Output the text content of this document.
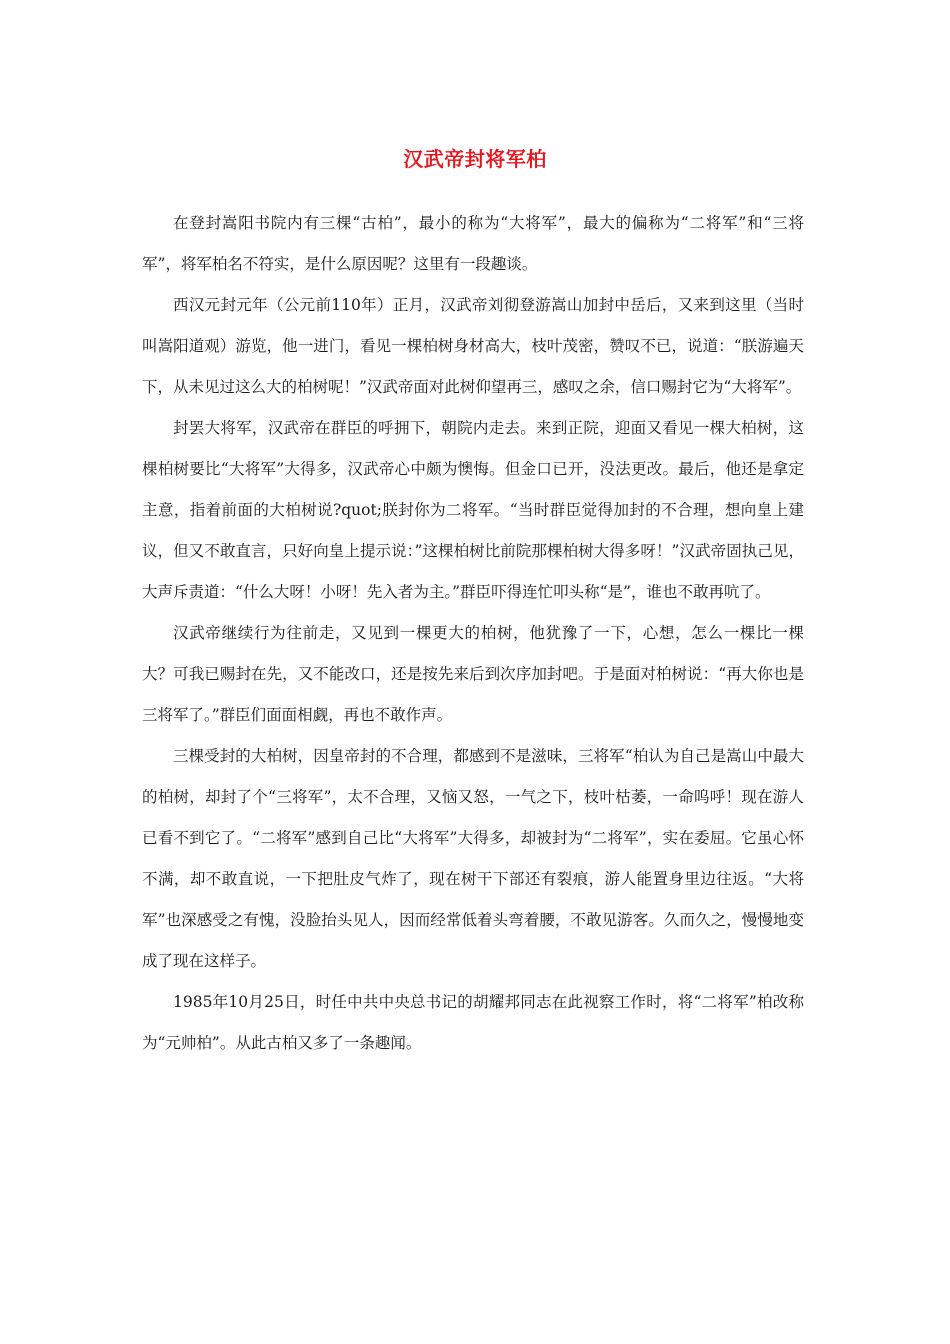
汉武帝封将军柏

在登封嵩阳书院内有三棵“古柏”，最小的称为“大将军”，最大的偏称为“二将军”和“三将军”，将军柏名不符实，是什么原因呢？这里有一段趣谈。

西汉元封元年（公元前110年）正月，汉武帝刘彻登游嵩山加封中岳后，又来到这里（当时叫嵩阳道观）游览，他一进门，看见一棵柏树身材高大，枝叶茂密，赞叹不已，说道：“朕游遍天下，从未见过这么大的柏树呢！”汉武帝面对此树仰望再三，感叹之余，信口赐封它为“大将军”。

封罢大将军，汉武帝在群臣的呼拥下，朝院内走去。来到正院，迎面又看见一棵大柏树，这棵柏树要比“大将军”大得多，汉武帝心中颇为懊悔。但金口已开，没法更改。最后，他还是拿定主意，指着前面的大柏树说?quot;朕封你为二将军。“当时群臣觉得加封的不合理，想向皇上建议，但又不敢直言，只好向皇上提示说：”这棵柏树比前院那棵柏树大得多呀！”汉武帝固执己见，大声斥责道：“什么大呀！小呀！先入者为主。”群臣吓得连忙叩头称“是”，谁也不敢再吭了。

汉武帝继续行为往前走，又见到一棵更大的柏树，他犹豫了一下，心想，怎么一棵比一棵大？可我已赐封在先，又不能改口，还是按先来后到次序加封吧。于是面对柏树说：“再大你也是三将军了。”群臣们面面相觑，再也不敢作声。

三棵受封的大柏树，因皇帝封的不合理，都感到不是滋味，三将军“柏认为自己是嵩山中最大的柏树，却封了个“三将军”，太不合理，又恼又怒，一气之下，枝叶枯萎，一命呜呼！现在游人已看不到它了。“二将军”感到自己比“大将军”大得多，却被封为“二将军”，实在委屈。它虽心怀不满，却不敢直说，一下把肚皮气炸了，现在树干下部还有裂痕，游人能置身里边往返。“大将军”也深感受之有愧，没脸抬头见人，因而经常低着头弯着腰，不敢见游客。久而久之，慢慢地变成了现在这样子。

1985年10月25日，时任中共中央总书记的胡耀邦同志在此视察工作时，将“二将军”柏改称为“元帅柏”。从此古柏又多了一条趣闻。
